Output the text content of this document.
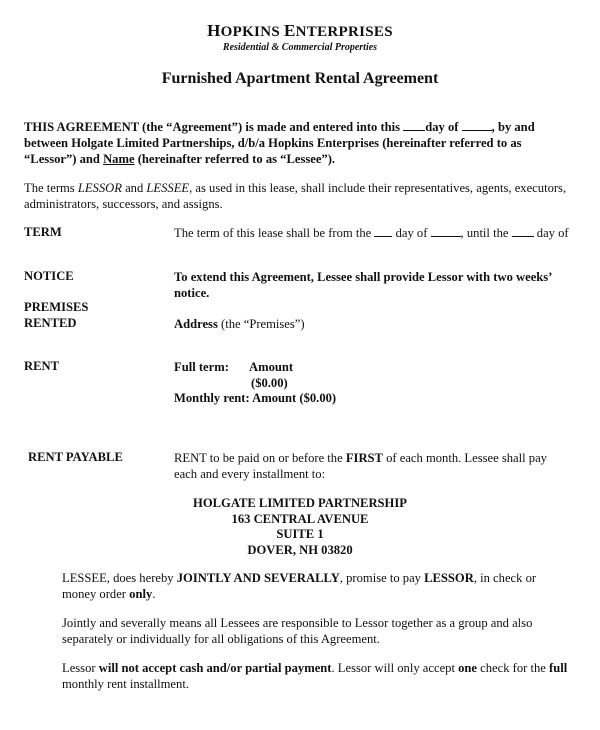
HOPKINS ENTERPRISES
Residential & Commercial Properties
Furnished Apartment Rental Agreement
THIS AGREEMENT (the “Agreement”) is made and entered into this day of	, by and
between Holgate Limited Partnerships, d/b/a Hopkins Enterprises (hereinafter referred to as
“Lessor”) and Name (hereinafter referred to as “Lessee”).
The terms LESSOR and LESSEE, as used in this lease, shall include their representatives, agents, executors,
administrators, successors, and assigns.
TERM	The term of this lease shall be from the day of	, until the day of
NOTICE	To extend this Agreement, Lessee shall provide Lessor with two weeks’
notice.
PREMISES
RENTED	Address (the “Premises”)
RENT	Full term: Amount
($0.00)
Monthly rent: Amount ($0.00)
RENT PAYABLE	RENT to be paid on or before the FIRST of each month. Lessee shall pay
each and every installment to:
HOLGATE LIMITED PARTNERSHIP
163 CENTRAL AVENUE
SUITE 1
DOVER, NH 03820
LESSEE, does hereby JOINTLY AND SEVERALLY, promise to pay LESSOR, in check or
money order only.
Jointly and severally means all Lessees are responsible to Lessor together as a group and also
separately or individually for all obligations of this Agreement.
Lessor will not accept cash and/or partial payment. Lessor will only accept one check for the full
monthly rent installment.
